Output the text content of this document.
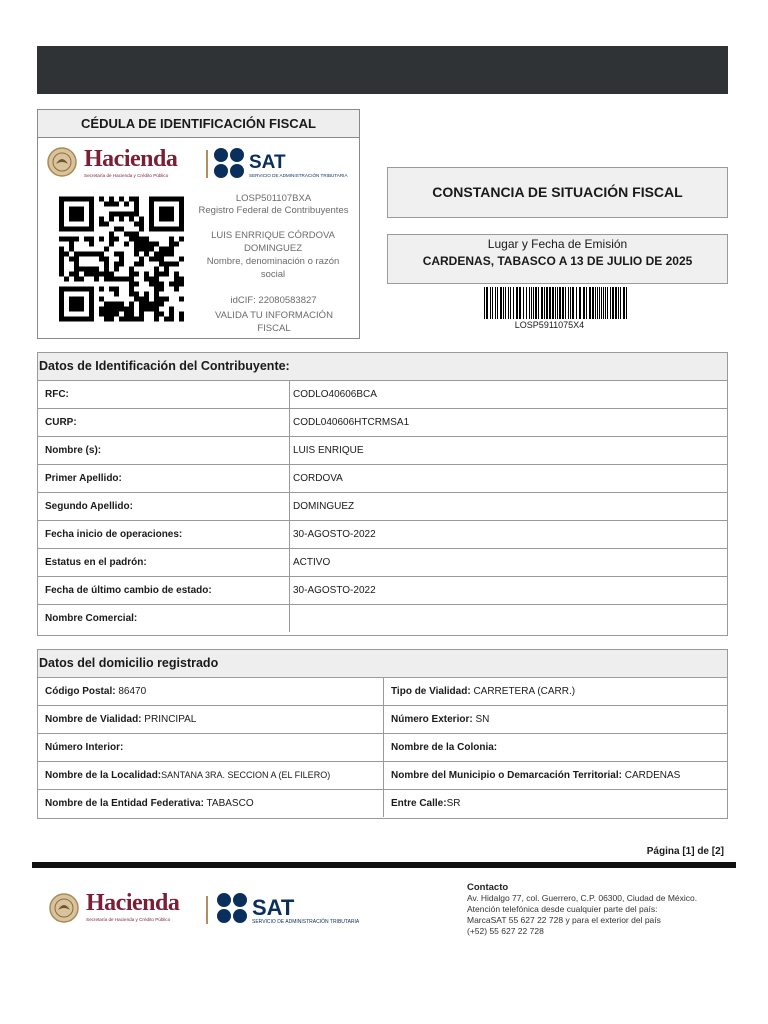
CÉDULA DE IDENTIFICACIÓN FISCAL
Hacienda
Secretaría de Hacienda y Crédito Público
SAT
SERVICIO DE ADMINISTRACIÓN TRIBUTARIA
LOSP501107BXA
Registro Federal de Contribuyentes
LUIS ENRRIQUE CÓRDOVA DOMINGUEZ
Nombre, denominación o razón social
idCIF: 22080583827
VALIDA TU INFORMACIÓN FISCAL
CONSTANCIA DE SITUACIÓN FISCAL
Lugar y Fecha de Emisión
CARDENAS, TABASCO A 13 DE JULIO DE 2025
LOSP5911075X4
Datos de Identificación del Contribuyente:
RFC:	CODLO40606BCA
CURP:	CODL040606HTCRMSA1
Nombre (s):	LUIS ENRIQUE
Primer Apellido:	CORDOVA
Segundo Apellido:	DOMINGUEZ
Fecha inicio de operaciones:	30-AGOSTO-2022
Estatus en el padrón:	ACTIVO
Fecha de último cambio de estado:	30-AGOSTO-2022
Nombre Comercial:	
Datos del domicilio registrado
Código Postal: 86470	Tipo de Vialidad: CARRETERA (CARR.)
Nombre de Vialidad: PRINCIPAL	Número Exterior: SN
Número Interior:	Nombre de la Colonia:
Nombre de la Localidad:SANTANA 3RA. SECCION A (EL FILERO)	Nombre del Municipio o Demarcación Territorial: CARDENAS
Nombre de la Entidad Federativa: TABASCO	Entre Calle:SR
Página [1] de [2]
Hacienda
Secretaría de Hacienda y Crédito Público	SAT
SERVICIO DE ADMINISTRACIÓN TRIBUTARIA
Contacto
Av. Hidalgo 77, col. Guerrero, C.P. 06300, Ciudad de México.
Atención telefónica desde cualquier parte del país:
MarcaSAT 55 627 22 728 y para el exterior del país
(+52) 55 627 22 728
